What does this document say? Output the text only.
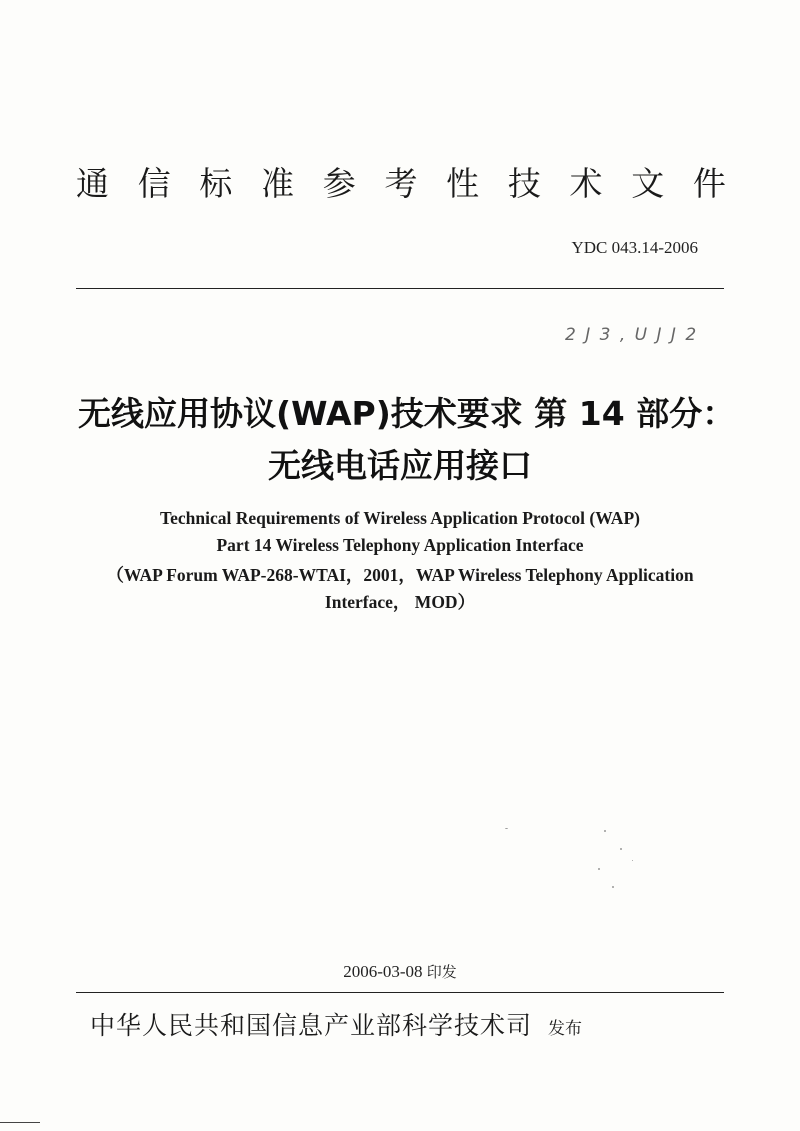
通 信 标 准 参 考 性 技 术 文 件
YDC 043.14-2006
2 J 3 , U J J 2
无线应用协议(WAP)技术要求 第 14 部分：
无线电话应用接口
Technical Requirements of Wireless Application Protocol (WAP)
Part 14 Wireless Telephony Application Interface
（WAP Forum WAP-268-WTAI，2001，WAP Wireless Telephony Application
Interface， MOD）
2006-03-08 印发
中华人民共和国信息产业部科学技术司 发布
